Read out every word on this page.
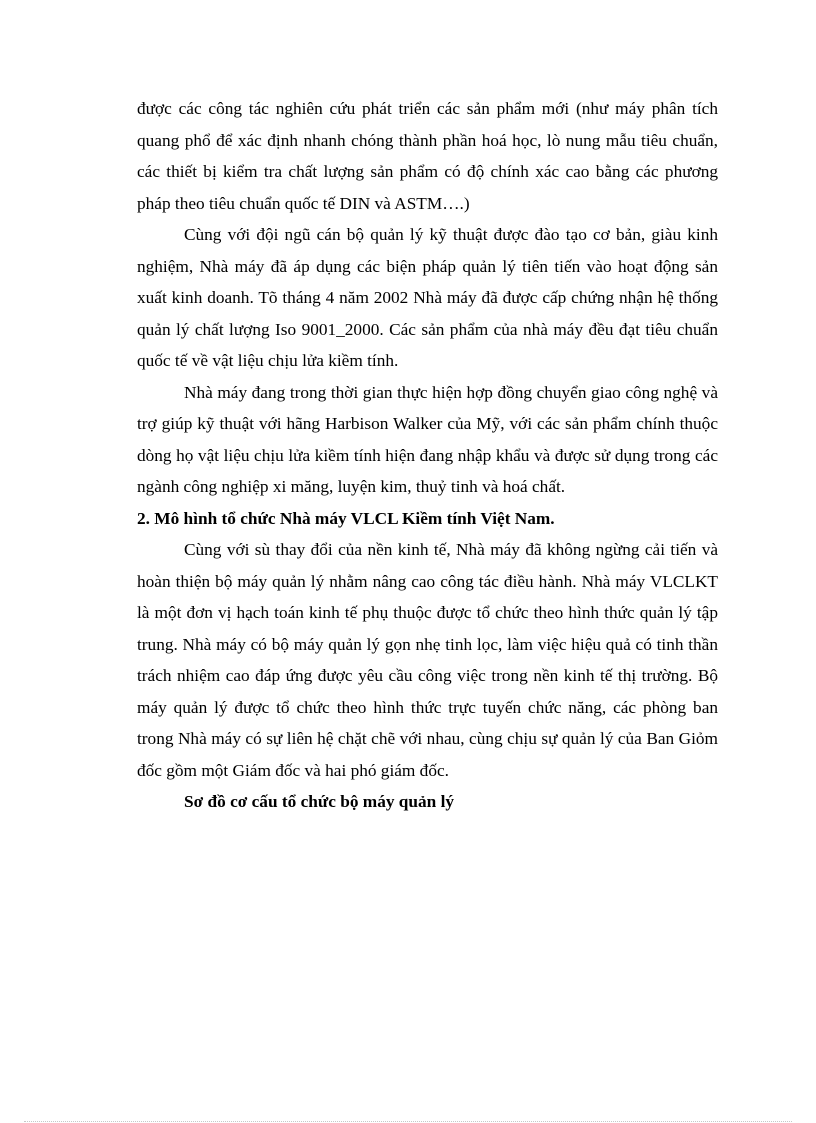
được các công tác nghiên cứu phát triển các sản phẩm mới (như máy phân tích quang phổ để xác định nhanh chóng thành phần hoá học, lò nung mẫu tiêu chuẩn, các thiết bị kiểm tra chất lượng sản phẩm có độ chính xác cao bằng các phương pháp theo tiêu chuẩn quốc tế DIN và ASTM….)

Cùng với đội ngũ cán bộ quản lý kỹ thuật được đào tạo cơ bản, giàu kinh nghiệm, Nhà máy đã áp dụng các biện pháp quản lý tiên tiến vào hoạt động sản xuất kinh doanh. Tõ tháng 4 năm 2002 Nhà máy đã được cấp chứng nhận hệ thống quản lý chất lượng Iso 9001_2000. Các sản phẩm của nhà máy đều đạt tiêu chuẩn quốc tế về vật liệu chịu lửa kiềm tính.

Nhà máy đang trong thời gian thực hiện hợp đồng chuyển giao công nghệ và trợ giúp kỹ thuật với hãng Harbison Walker của Mỹ, với các sản phẩm chính thuộc dòng họ vật liệu chịu lửa kiềm tính hiện đang nhập khẩu và được sử dụng trong các ngành công nghiệp xi măng, luyện kim, thuỷ tinh và hoá chất.

2. Mô hình tổ chức Nhà máy VLCL Kiềm tính Việt Nam.

Cùng với sù thay đổi của nền kinh tế, Nhà máy đã không ngừng cải tiến và hoàn thiện bộ máy quản lý nhằm nâng cao công tác điều hành. Nhà máy VLCLKT là một đơn vị hạch toán kinh tế phụ thuộc được tổ chức theo hình thức quản lý tập trung. Nhà máy có bộ máy quản lý gọn nhẹ tinh lọc, làm việc hiệu quả có tinh thần trách nhiệm cao đáp ứng được yêu cầu công việc trong nền kinh tế thị trường. Bộ máy quản lý được tổ chức theo hình thức trực tuyến chức năng, các phòng ban trong Nhà máy có sự liên hệ chặt chẽ với nhau, cùng chịu sự quản lý của Ban Giỏm đốc gồm một Giám đốc và hai phó giám đốc.

Sơ đồ cơ cấu tổ chức bộ máy quản lý
